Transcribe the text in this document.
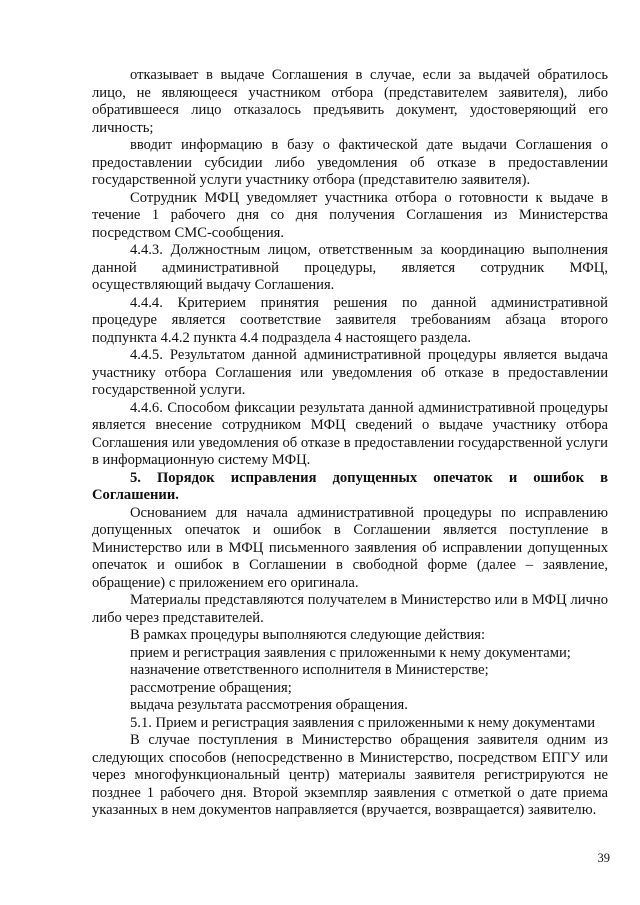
отказывает в выдаче Соглашения в случае, если за выдачей обратилось лицо, не являющееся участником отбора (представителем заявителя), либо обратившееся лицо отказалось предъявить документ, удостоверяющий его личность;

вводит информацию в базу о фактической дате выдачи Соглашения о предоставлении субсидии либо уведомления об отказе в предоставлении государственной услуги участнику отбора (представителю заявителя).

Сотрудник МФЦ уведомляет участника отбора о готовности к выдаче в течение 1 рабочего дня со дня получения Соглашения из Министерства посредством СМС-сообщения.

4.4.3. Должностным лицом, ответственным за координацию выполнения данной административной процедуры, является сотрудник МФЦ, осуществляющий выдачу Соглашения.

4.4.4. Критерием принятия решения по данной административной процедуре является соответствие заявителя требованиям абзаца второго подпункта 4.4.2 пункта 4.4 подраздела 4 настоящего раздела.

4.4.5. Результатом данной административной процедуры является выдача участнику отбора Соглашения или уведомления об отказе в предоставлении государственной услуги.

4.4.6. Способом фиксации результата данной административной процедуры является внесение сотрудником МФЦ сведений о выдаче участнику отбора Соглашения или уведомления об отказе в предоставлении государственной услуги в информационную систему МФЦ.

5. Порядок исправления допущенных опечаток и ошибок в Соглашении.

Основанием для начала административной процедуры по исправлению допущенных опечаток и ошибок в Соглашении является поступление в Министерство или в МФЦ письменного заявления об исправлении допущенных опечаток и ошибок в Соглашении в свободной форме (далее – заявление, обращение) с приложением его оригинала.

Материалы представляются получателем в Министерство или в МФЦ лично либо через представителей.

В рамках процедуры выполняются следующие действия:

прием и регистрация заявления с приложенными к нему документами;

назначение ответственного исполнителя в Министерстве;

рассмотрение обращения;

выдача результата рассмотрения обращения.

5.1. Прием и регистрация заявления с приложенными к нему документами

В случае поступления в Министерство обращения заявителя одним из следующих способов (непосредственно в Министерство, посредством ЕПГУ или через многофункциональный центр) материалы заявителя регистрируются не позднее 1 рабочего дня. Второй экземпляр заявления с отметкой о дате приема указанных в нем документов направляется (вручается, возвращается) заявителю.

39
